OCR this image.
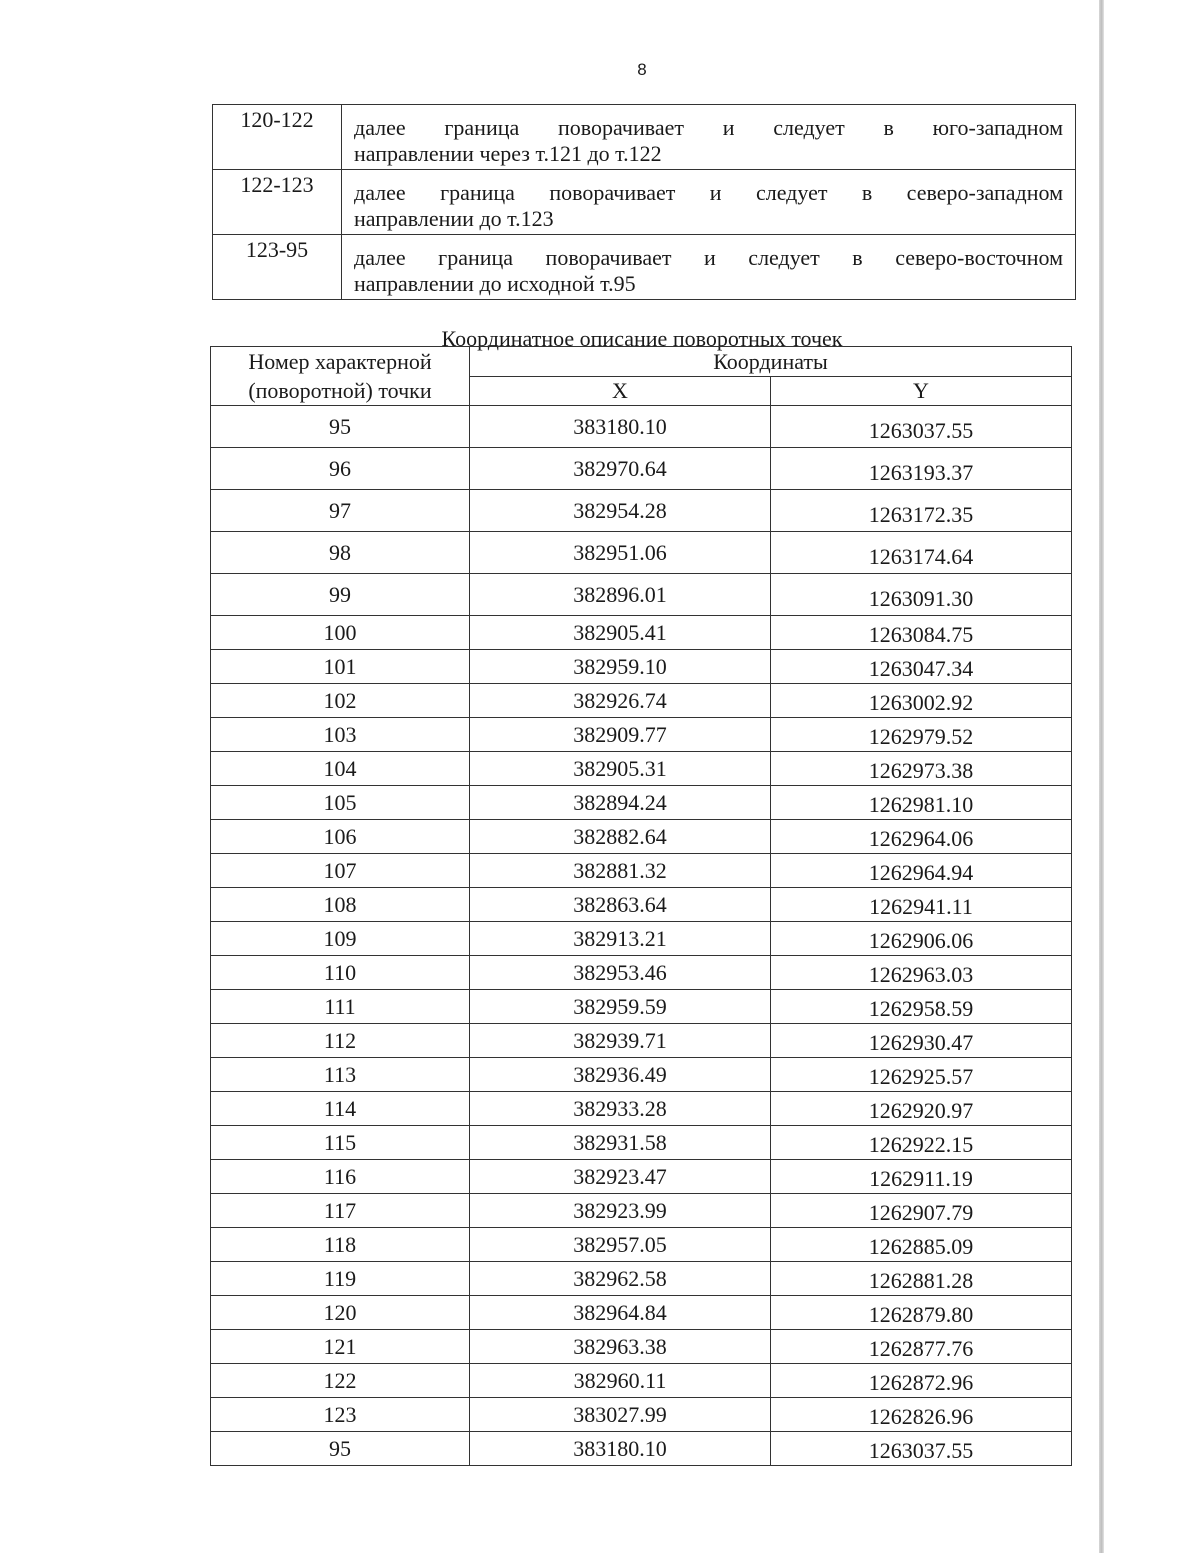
8
120-122	далее граница поворачивает и следует в юго-западном
направлении через т.121 до т.122

122-123	далее граница поворачивает и следует в северо-западном
направлении до т.123

123-95	далее граница поворачивает и следует в северо-восточном
направлении до исходной т.95
Координатное описание поворотных точек
Номер характерной
(поворотной) точки	Координаты	
	X	Y
95	383180.10	1263037.55
96	382970.64	1263193.37
97	382954.28	1263172.35
98	382951.06	1263174.64
99	382896.01	1263091.30
100	382905.41	1263084.75
101	382959.10	1263047.34
102	382926.74	1263002.92
103	382909.77	1262979.52
104	382905.31	1262973.38
105	382894.24	1262981.10
106	382882.64	1262964.06
107	382881.32	1262964.94
108	382863.64	1262941.11
109	382913.21	1262906.06
110	382953.46	1262963.03
111	382959.59	1262958.59
112	382939.71	1262930.47
113	382936.49	1262925.57
114	382933.28	1262920.97
115	382931.58	1262922.15
116	382923.47	1262911.19
117	382923.99	1262907.79
118	382957.05	1262885.09
119	382962.58	1262881.28
120	382964.84	1262879.80
121	382963.38	1262877.76
122	382960.11	1262872.96
123	383027.99	1262826.96
95	383180.10	1263037.55
